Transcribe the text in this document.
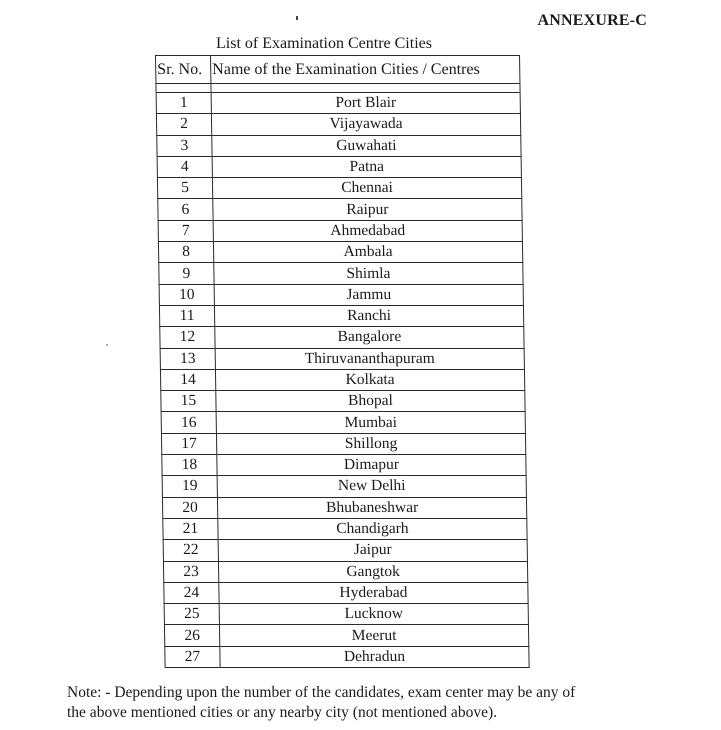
ANNEXURE-C
List of Examination Centre Cities
Sr. No.	Name of the Examination Cities / Centres

1	Port Blair
2	Vijayawada
3	Guwahati
4	Patna
5	Chennai
6	Raipur
7	Ahmedabad
8	Ambala
9	Shimla
10	Jammu
11	Ranchi
12	Bangalore
13	Thiruvananthapuram
14	Kolkata
15	Bhopal
16	Mumbai
17	Shillong
18	Dimapur
19	New Delhi
20	Bhubaneshwar
21	Chandigarh
22	Jaipur
23	Gangtok
24	Hyderabad
25	Lucknow
26	Meerut
27	Dehradun
Note: - Depending upon the number of the candidates, exam center may be any of
the above mentioned cities or any nearby city (not mentioned above).
